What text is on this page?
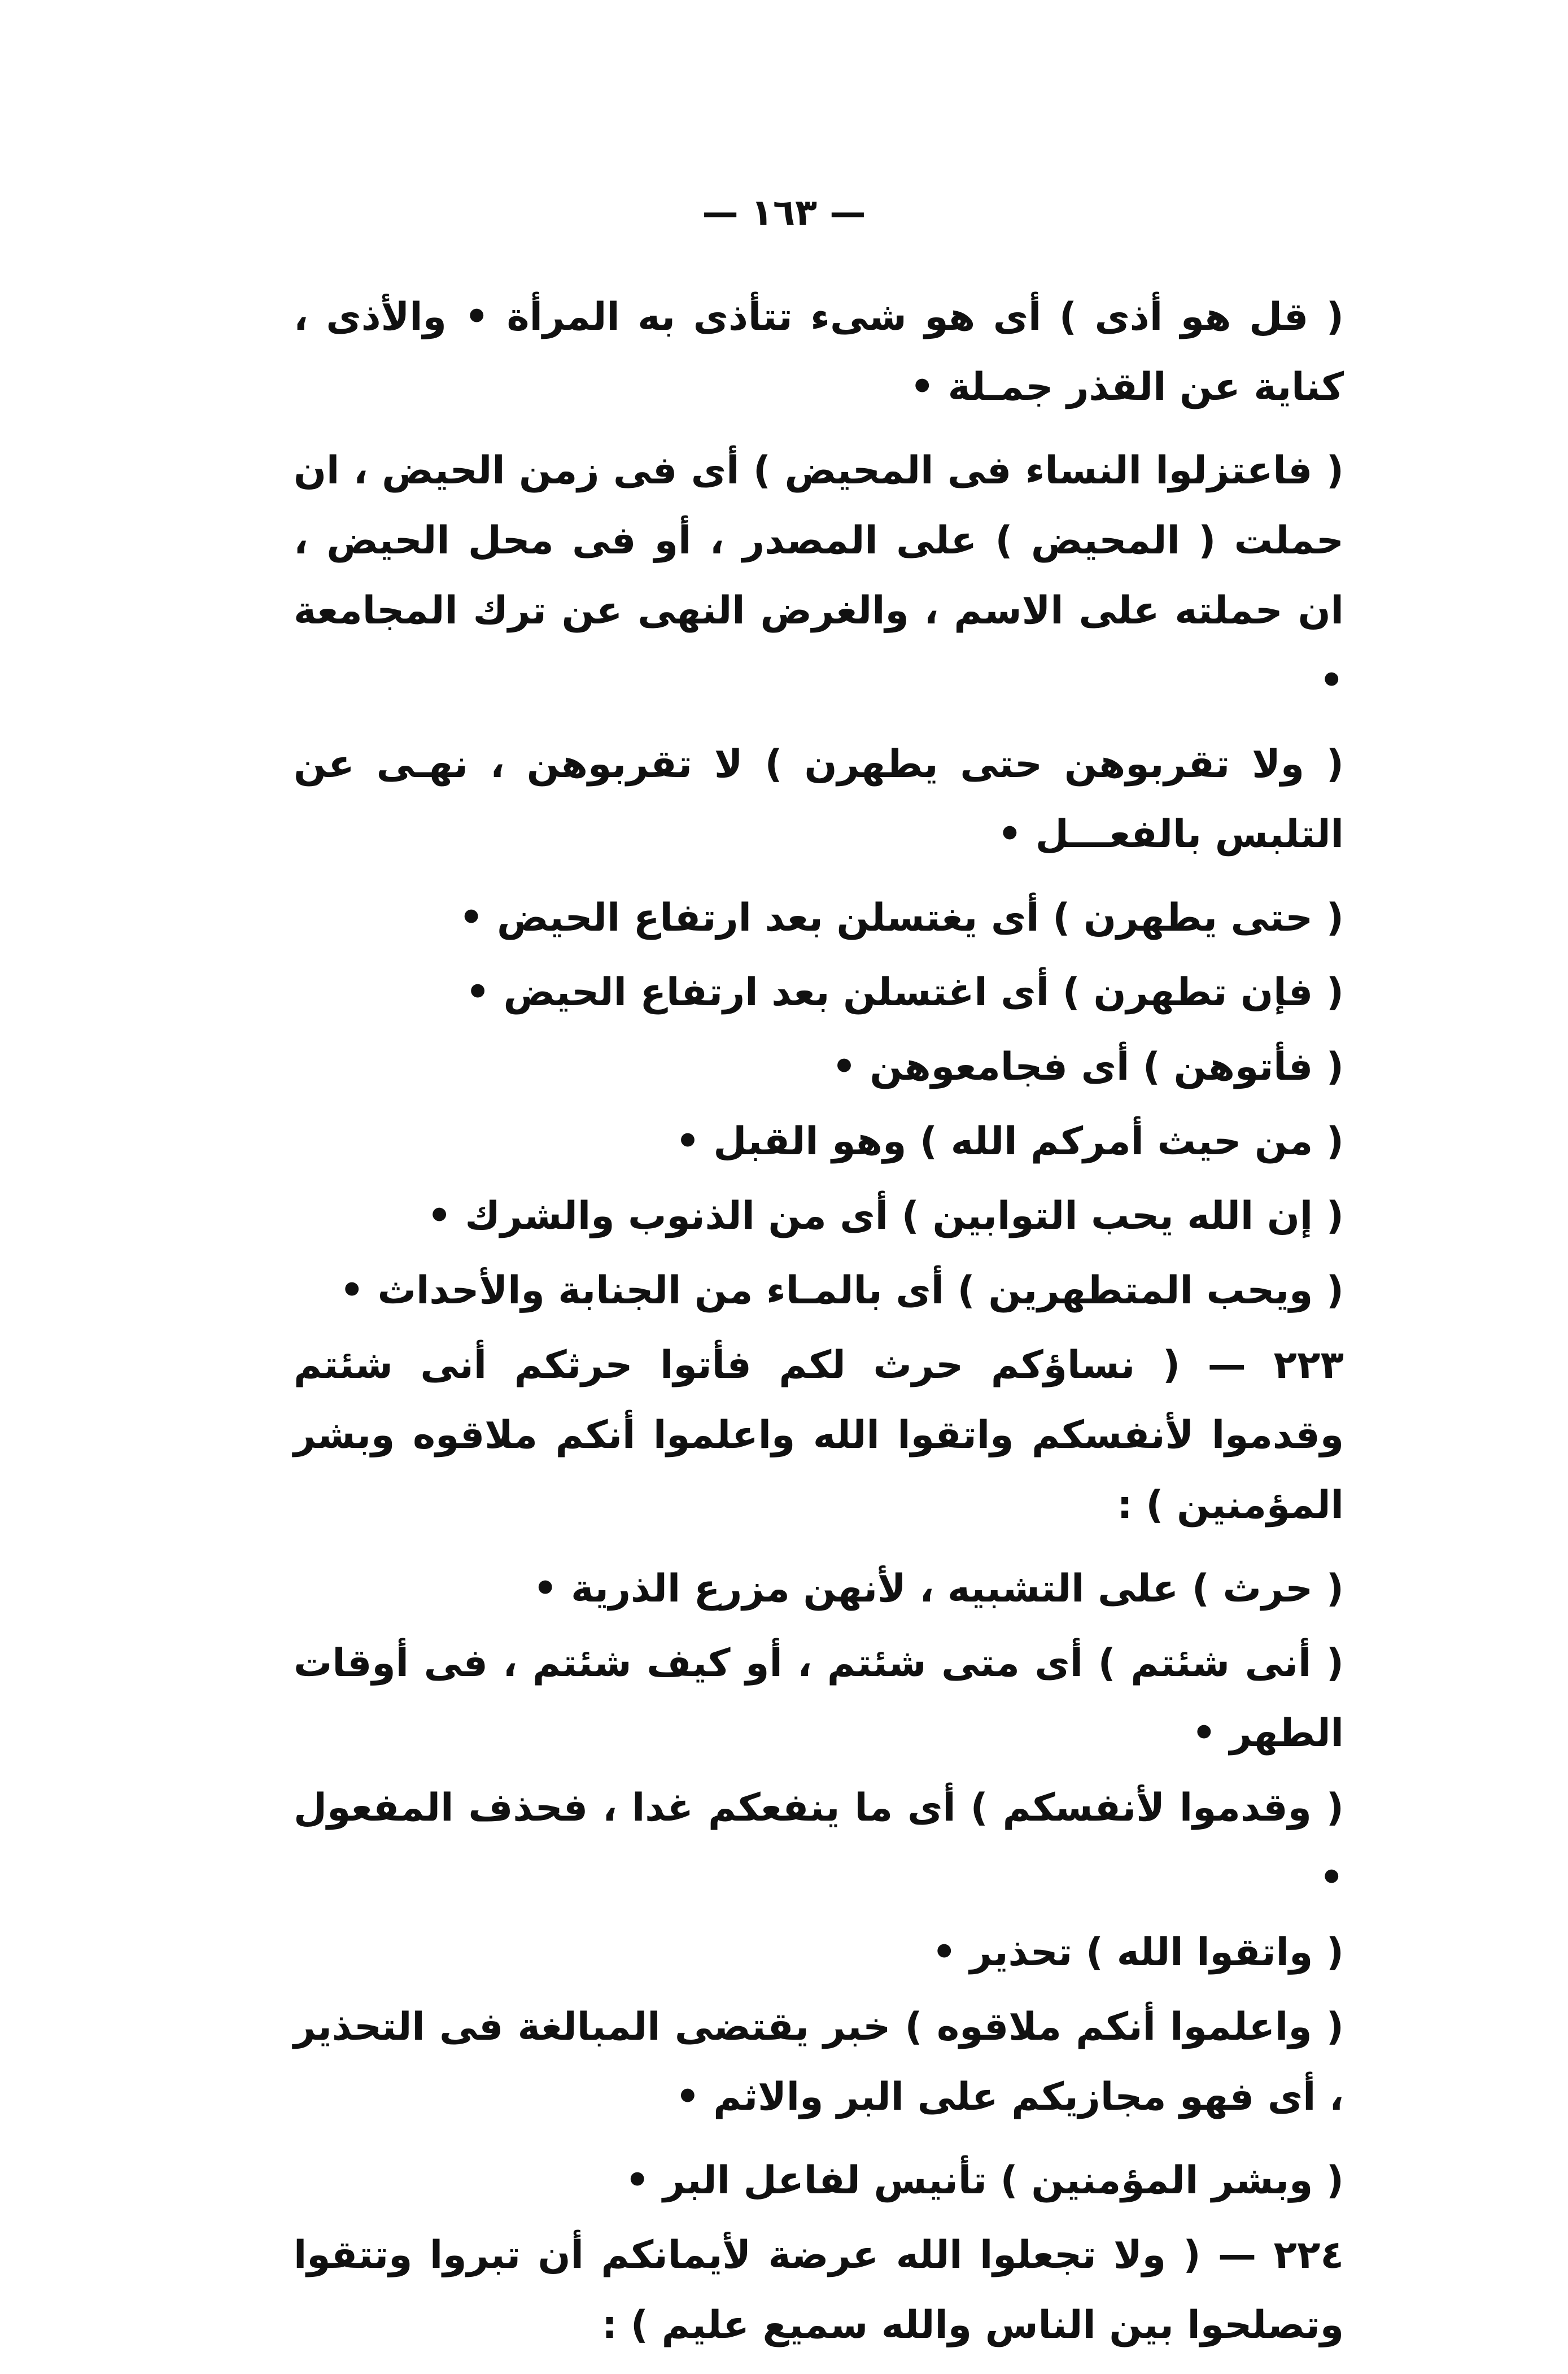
— ١٦٣ —

( قل هو أذى ) أى هو شىء تتأذى به المرأة • والأذى ، كناية عن القذر جمـلة •

( فاعتزلوا النساء فى المحيض ) أى فى زمن الحيض ، ان حملت ( المحيض ) على المصدر ، أو فى محل الحيض ، ان حملته على الاسم ، والغرض النهى عن ترك المجامعة •

( ولا تقربوهن حتى يطهرن ) لا تقربوهن ، نهـى عن التلبس بالفعـــل •

( حتى يطهرن ) أى يغتسلن بعد ارتفاع الحيض •

( فإن تطهرن ) أى اغتسلن بعد ارتفاع الحيض •

( فأتوهن ) أى فجامعوهن •

( من حيث أمركم الله ) وهو القبل •

( إن الله يحب التوابين ) أى من الذنوب والشرك •

( ويحب المتطهرين ) أى بالمـاء من الجنابة والأحداث •

٢٢٣ — ( نساؤكم حرث لكم فأتوا حرثكم أنى شئتم وقدموا لأنفسكم واتقوا الله واعلموا أنكم ملاقوه وبشر المؤمنين ) :

( حرث ) على التشبيه ، لأنهن مزرع الذرية •

( أنى شئتم ) أى متى شئتم ، أو كيف شئتم ، فى أوقات الطهر •

( وقدموا لأنفسكم ) أى ما ينفعكم غدا ، فحذف المفعول •

( واتقوا الله ) تحذير •

( واعلموا أنكم ملاقوه ) خبر يقتضى المبالغة فى التحذير ، أى فهو مجازيكم على البر والاثم •

( وبشر المؤمنين ) تأنيس لفاعل البر •

٢٢٤ — ( ولا تجعلوا الله عرضة لأيمانكم أن تبروا وتتقوا وتصلحوا بين الناس والله سميع عليم ) :
